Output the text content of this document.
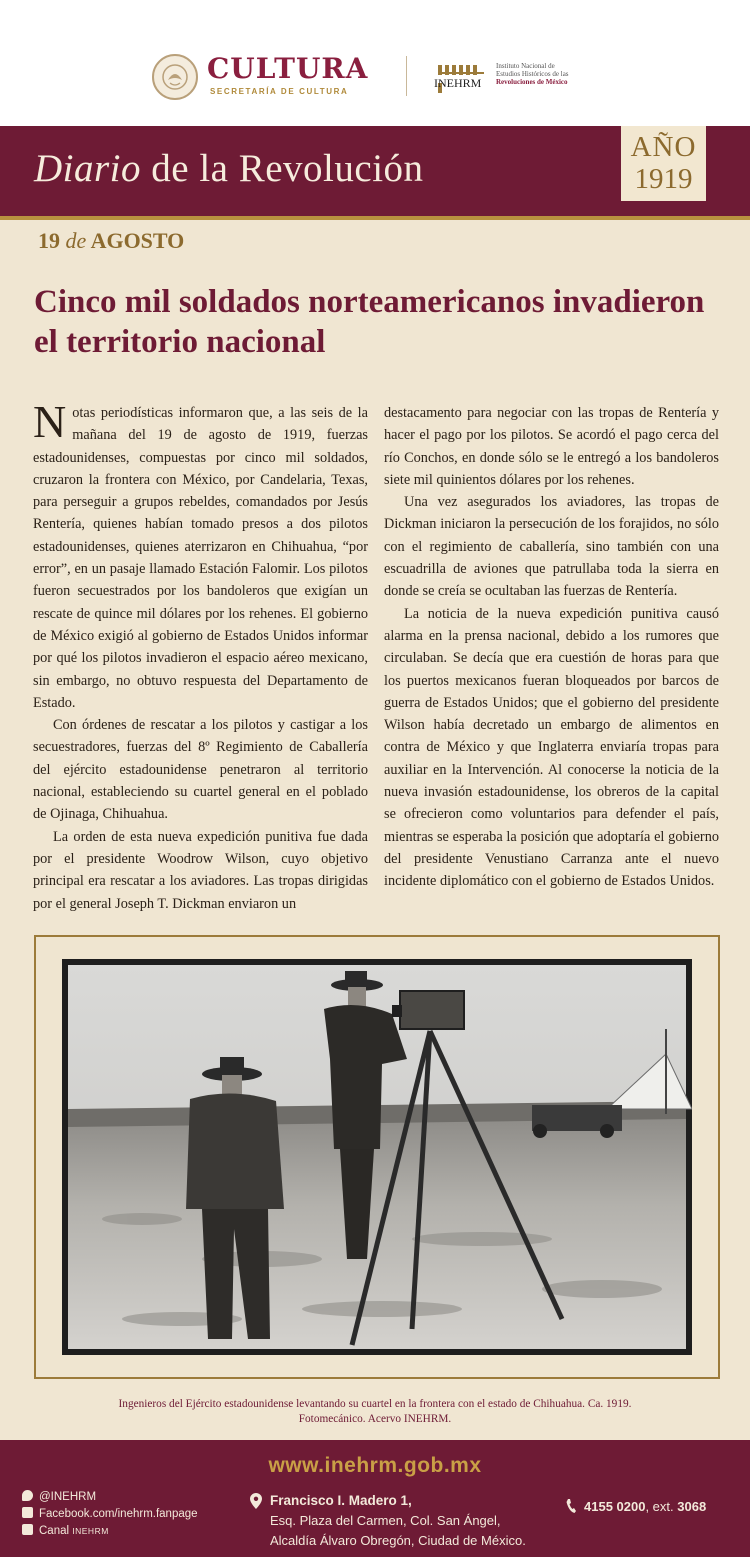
CULTURA
SECRETARÍA DE CULTURA
INEHRM
Instituto Nacional de
Estudios Históricos de las
Revoluciones de México
Diario de la Revolución	AÑO
1919
19 de AGOSTO
Cinco mil soldados norteamericanos invadieron el territorio nacional

Notas periodísticas informaron que, a las seis de la mañana del 19 de agosto de 1919, fuerzas estadounidenses, compuestas por cinco mil soldados, cruzaron la frontera con México, por Candelaria, Texas, para perseguir a grupos rebeldes, comandados por Jesús Rentería, quienes habían tomado presos a dos pilotos estadounidenses, quienes aterrizaron en Chihuahua, “por error”, en un pasaje llamado Estación Falomir. Los pilotos fueron secuestrados por los bandoleros que exigían un rescate de quince mil dólares por los rehenes. El gobierno de México exigió al gobierno de Estados Unidos informar por qué los pilotos invadieron el espacio aéreo mexicano, sin embargo, no obtuvo respuesta del Departamento de Estado.

Con órdenes de rescatar a los pilotos y castigar a los secuestradores, fuerzas del 8º Regimiento de Caballería del ejército estadounidense penetraron al territorio nacional, estableciendo su cuartel general en el poblado de Ojinaga, Chihuahua.

La orden de esta nueva expedición punitiva fue dada por el presidente Woodrow Wilson, cuyo objetivo principal era rescatar a los aviadores. Las tropas dirigidas por el general Joseph T. Dickman enviaron un

destacamento para negociar con las tropas de Rentería y hacer el pago por los pilotos. Se acordó el pago cerca del río Conchos, en donde sólo se le entregó a los bandoleros siete mil quinientos dólares por los rehenes.

Una vez asegurados los aviadores, las tropas de Dickman iniciaron la persecución de los forajidos, no sólo con el regimiento de caballería, sino también con una escuadrilla de aviones que patrullaba toda la sierra en donde se creía se ocultaban las fuerzas de Rentería.

La noticia de la nueva expedición punitiva causó alarma en la prensa nacional, debido a los rumores que circulaban. Se decía que era cuestión de horas para que los puertos mexicanos fueran bloqueados por barcos de guerra de Estados Unidos; que el gobierno del presidente Wilson había decretado un embargo de alimentos en contra de México y que Inglaterra enviaría tropas para auxiliar en la Intervención. Al conocerse la noticia de la nueva invasión estadounidense, los obreros de la capital se ofrecieron como voluntarios para defender el país, mientras se esperaba la posición que adoptaría el gobierno del presidente Venustiano Carranza ante el nuevo incidente diplomático con el gobierno de Estados Unidos.

Ingenieros del Ejército estadounidense levantando su cuartel en la frontera con el estado de Chihuahua. Ca. 1919.
Fotomecánico. Acervo INEHRM.
www.inehrm.gob.mx
@INEHRM
Facebook.com/inehrm.fanpage
Canal INEHRM
Francisco I. Madero 1,
Esq. Plaza del Carmen, Col. San Ángel,
Alcaldía Álvaro Obregón, Ciudad de México.
4155 0200, ext. 3068
